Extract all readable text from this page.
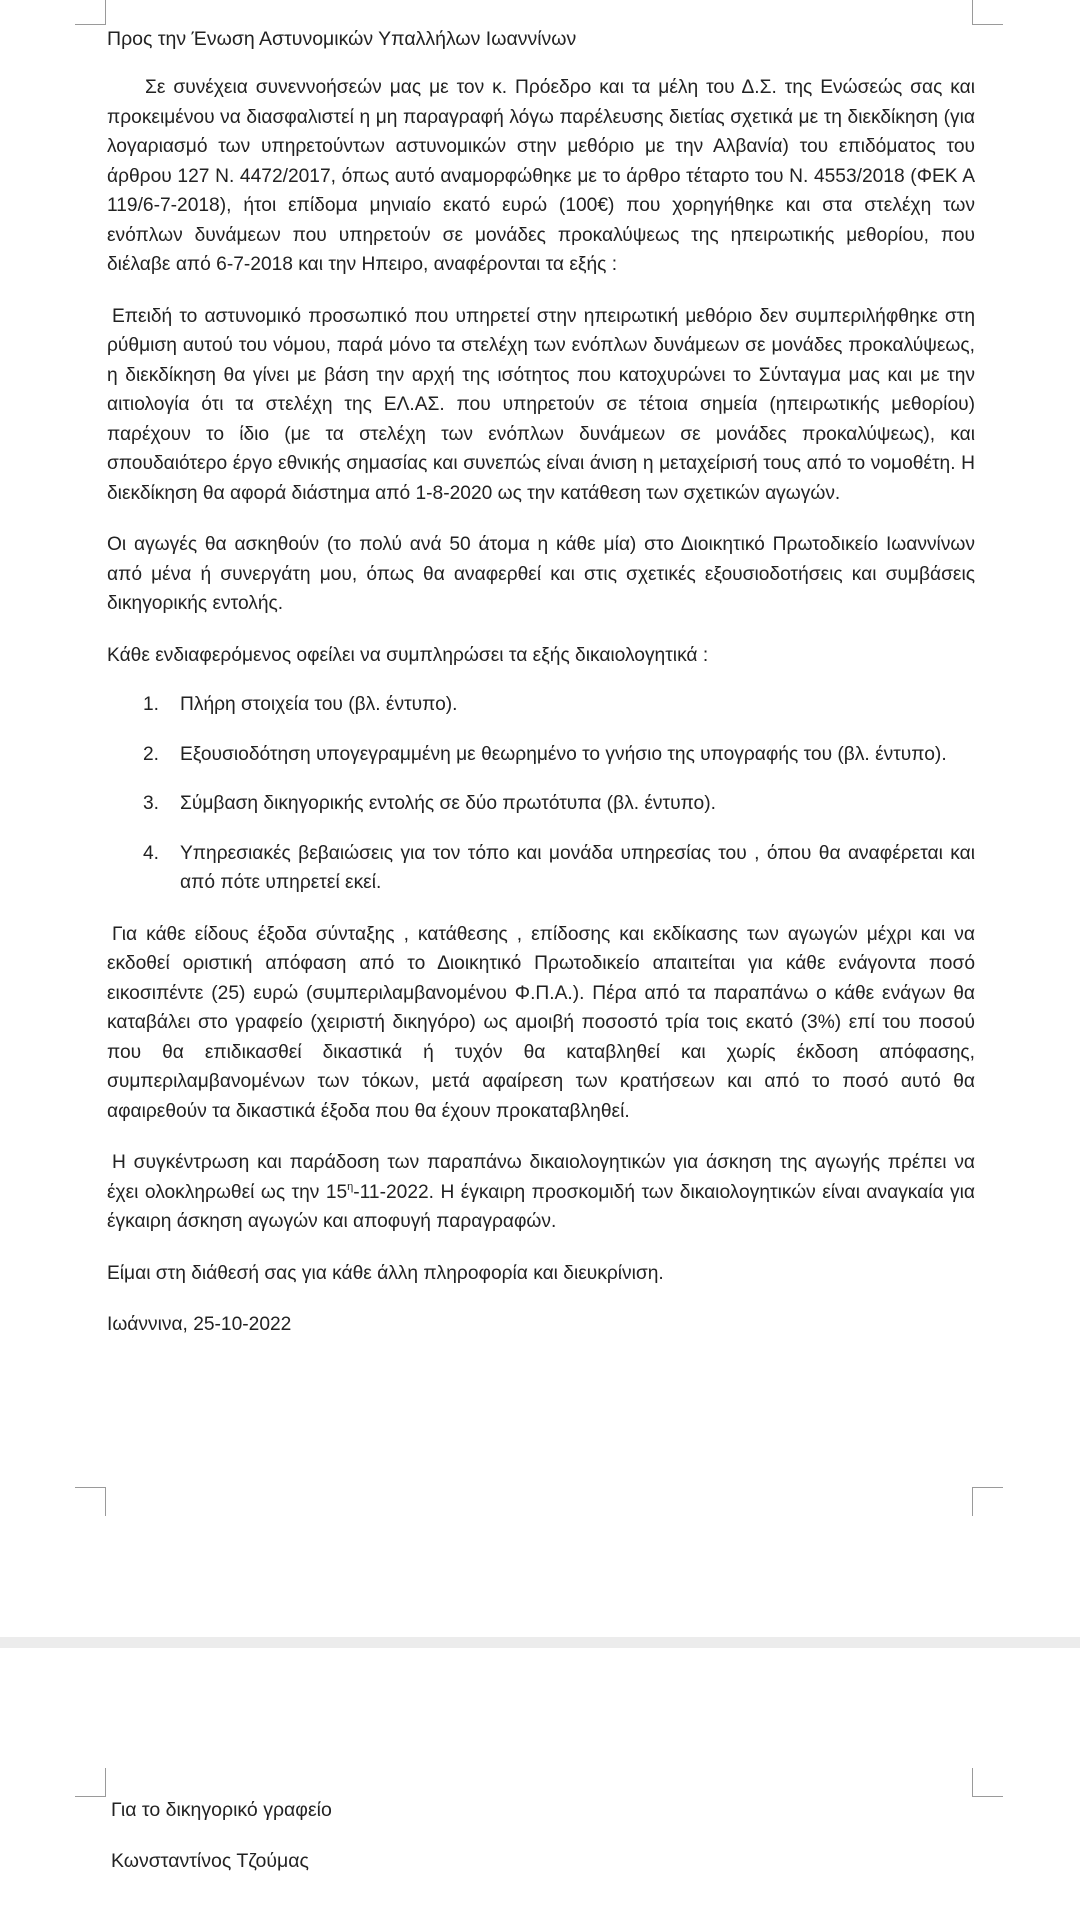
Προς την Ένωση Αστυνομικών Υπαλλήλων Ιωαννίνων

Σε συνέχεια συνεννοήσεών μας με τον κ. Πρόεδρο και τα μέλη του Δ.Σ. της Ενώσεώς σας και προκειμένου να διασφαλιστεί η μη παραγραφή λόγω παρέλευσης διετίας σχετικά με τη διεκδίκηση (για λογαριασμό των υπηρετούντων αστυνομικών στην μεθόριο με την Αλβανία) του επιδόματος του άρθρου 127 Ν. 4472/2017, όπως αυτό αναμορφώθηκε με το άρθρο τέταρτο του Ν. 4553/2018 (ΦΕΚ Α 119/6-7-2018), ήτοι επίδομα μηνιαίο εκατό ευρώ (100€) που χορηγήθηκε και στα στελέχη των ενόπλων δυνάμεων που υπηρετούν σε μονάδες προκαλύψεως της ηπειρωτικής μεθορίου, που διέλαβε από 6-7-2018 και την Ηπειρο, αναφέρονται τα εξής :

Επειδή το αστυνομικό προσωπικό που υπηρετεί στην ηπειρωτική μεθόριο δεν συμπεριλήφθηκε στη ρύθμιση αυτού του νόμου, παρά μόνο τα στελέχη των ενόπλων δυνάμεων σε μονάδες προκαλύψεως, η διεκδίκηση θα γίνει με βάση την αρχή της ισότητος που κατοχυρώνει το Σύνταγμα μας και με την αιτιολογία ότι τα στελέχη της ΕΛ.ΑΣ. που υπηρετούν σε τέτοια σημεία (ηπειρωτικής μεθορίου) παρέχουν το ίδιο (με τα στελέχη των ενόπλων δυνάμεων σε μονάδες προκαλύψεως), και σπουδαιότερο έργο εθνικής σημασίας και συνεπώς είναι άνιση η μεταχείρισή τους από το νομοθέτη. Η διεκδίκηση θα αφορά διάστημα από 1-8-2020 ως την κατάθεση των σχετικών αγωγών.

Οι αγωγές θα ασκηθούν (το πολύ ανά 50 άτομα η κάθε μία) στο Διοικητικό Πρωτοδικείο Ιωαννίνων από μένα ή συνεργάτη μου, όπως θα αναφερθεί και στις σχετικές εξουσιοδοτήσεις και συμβάσεις δικηγορικής εντολής.

Κάθε ενδιαφερόμενος οφείλει να συμπληρώσει τα εξής δικαιολογητικά :

1. Πλήρη στοιχεία του (βλ. έντυπο).
2. Εξουσιοδότηση υπογεγραμμένη με θεωρημένο το γνήσιο της υπογραφής του (βλ. έντυπο).
3. Σύμβαση δικηγορικής εντολής σε δύο πρωτότυπα (βλ. έντυπο).
4. Υπηρεσιακές βεβαιώσεις για τον τόπο και μονάδα υπηρεσίας του , όπου θα αναφέρεται και από πότε υπηρετεί εκεί.

Για κάθε είδους έξοδα σύνταξης , κατάθεσης , επίδοσης και εκδίκασης των αγωγών μέχρι και να εκδοθεί οριστική απόφαση από το Διοικητικό Πρωτοδικείο απαιτείται για κάθε ενάγοντα ποσό εικοσιπέντε (25) ευρώ (συμπεριλαμβανομένου Φ.Π.Α.). Πέρα από τα παραπάνω ο κάθε ενάγων θα καταβάλει στο γραφείο (χειριστή δικηγόρο) ως αμοιβή ποσοστό τρία τοις εκατό (3%) επί του ποσού που θα επιδικασθεί δικαστικά ή τυχόν θα καταβληθεί και χωρίς έκδοση απόφασης, συμπεριλαμβανομένων των τόκων, μετά αφαίρεση των κρατήσεων και από το ποσό αυτό θα αφαιρεθούν τα δικαστικά έξοδα που θα έχουν προκαταβληθεί.

Η συγκέντρωση και παράδοση των παραπάνω δικαιολογητικών για άσκηση της αγωγής πρέπει να έχει ολοκληρωθεί ως την $15^\eta-11-2022$. Η έγκαιρη προσκομιδή των δικαιολογητικών είναι αναγκαία για έγκαιρη άσκηση αγωγών και αποφυγή παραγραφών.

Είμαι στη διάθεσή σας για κάθε άλλη πληροφορία και διευκρίνιση.

Ιωάννινα, 25-10-2022

Για το δικηγορικό γραφείο
Κωνσταντίνος Τζούμας
